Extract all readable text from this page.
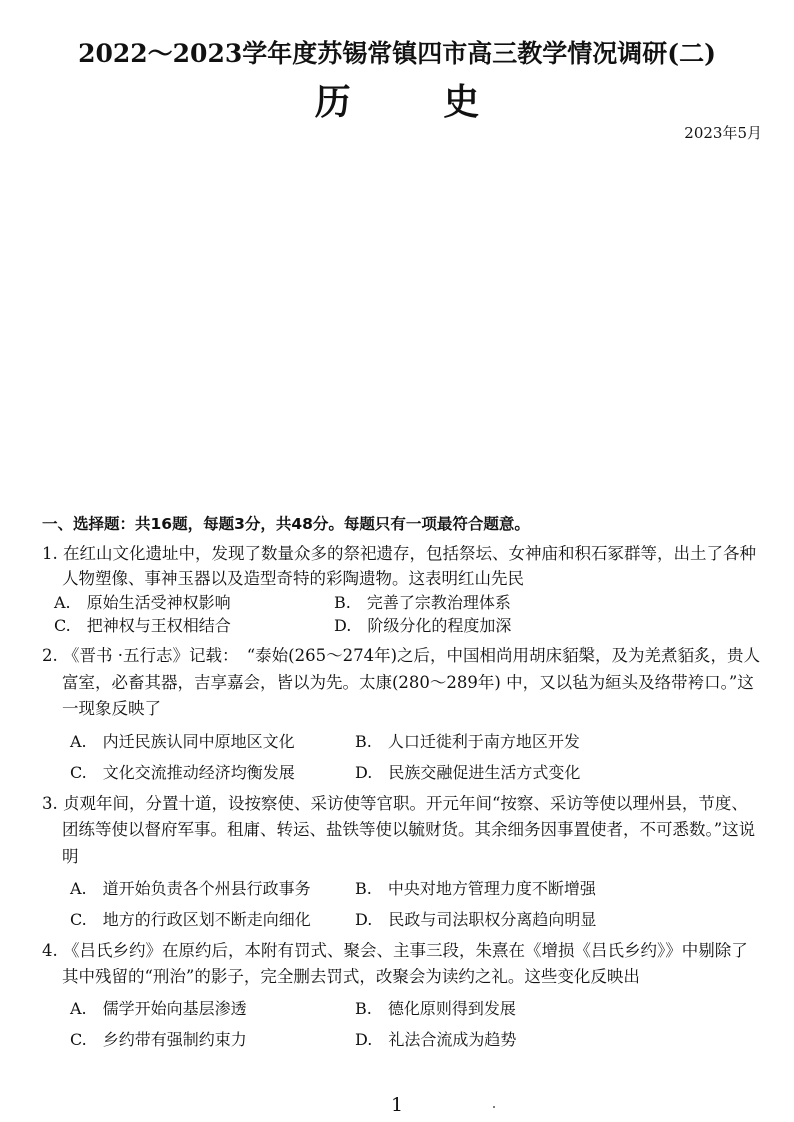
2022～2023学年度苏锡常镇四市高三教学情况调研(二)
历 史
2023年5月
一、选择题：共16题，每题3分，共48分。每题只有一项最符合题意。
1. 在红山文化遗址中，发现了数量众多的祭祀遗存，包括祭坛、女神庙和积石冢群等，出土了各种人物塑像、事神玉器以及造型奇特的彩陶遗物。这表明红山先民
A.　原始生活受神权影响	B.　完善了宗教治理体系
C.　把神权与王权相结合	D.　阶级分化的程度加深
2. 《晋书 ·五行志》记载：　“泰始(265～274年)之后，中国相尚用胡床貊槃，及为羌煮貊炙，贵人富室，必畜其器，吉享嘉会，皆以为先。太康(280～289年) 中，又以毡为絙头及络带袴口。”这一现象反映了
A.　内迁民族认同中原地区文化	B.　人口迁徙利于南方地区开发
C.　文化交流推动经济均衡发展	D.　民族交融促进生活方式变化
3. 贞观年间，分置十道，设按察使、采访使等官职。开元年间“按察、采访等使以理州县，节度、团练等使以督府军事。租庸、转运、盐铁等使以毓财货。其余细务因事置使者，不可悉数。”这说明
A.　道开始负责各个州县行政事务	B.　中央对地方管理力度不断增强
C.　地方的行政区划不断走向细化	D.　民政与司法职权分离趋向明显
4. 《吕氏乡约》在原约后，本附有罚式、聚会、主事三段，朱熹在《增损《吕氏乡约》》中剔除了其中残留的“刑治”的影子，完全删去罚式，改聚会为读约之礼。这些变化反映出
A.　儒学开始向基层渗透	B.　德化原则得到发展
C.　乡约带有强制约束力	D.　礼法合流成为趋势
1
